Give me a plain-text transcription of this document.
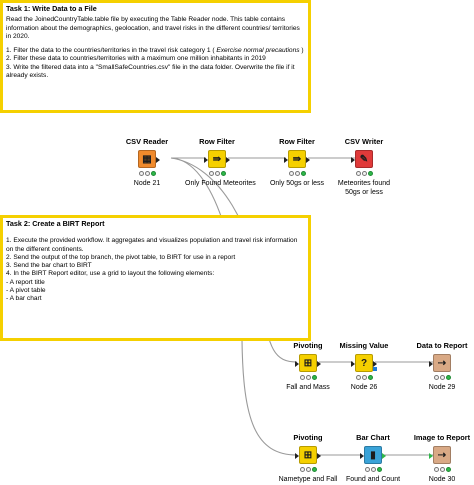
Task 1: Write Data to a File
Read the JoinedCountryTable.table file by executing the Table Reader node. This table contains information about the demographics, geolocation, and travel risks in the different countries/ territories in 2020.
1. Filter the data to the countries/territories in the travel risk category 1 ( Exercise normal precautions )
2. Filter these data to countries/territories with a maximum one million inhabitants in 2019
3. Write the filtered data into a "SmallSafeCountries.csv" file in the data folder. Overwrite the file if it already exists.
Task 2: Create a BIRT Report
1. Execute the provided workflow. It aggregates and visualizes population and travel risk information on the different continents.
2. Send the output of the top branch, the pivot table, to BIRT for use in a report
3. Send the bar chart to BIRT
4. In the BIRT Report editor, use a grid to layout the following elements:
- A report title
- A pivot table
- A bar chart
CSV Reader
▦
Node 21
Row Filter
⇛
Only Found Meteorites
Row Filter
⇛
Only 50gs or less
CSV Writer
✎
Meteorites found
50gs or less
Pivoting
⊞
Fall and Mass
Missing Value
?
Node 26
Data to Report
⇢
Node 29
Pivoting
⊞
Nametype and Fall
Bar Chart
▮
Found and Count
Image to Report
⇢
Node 30
